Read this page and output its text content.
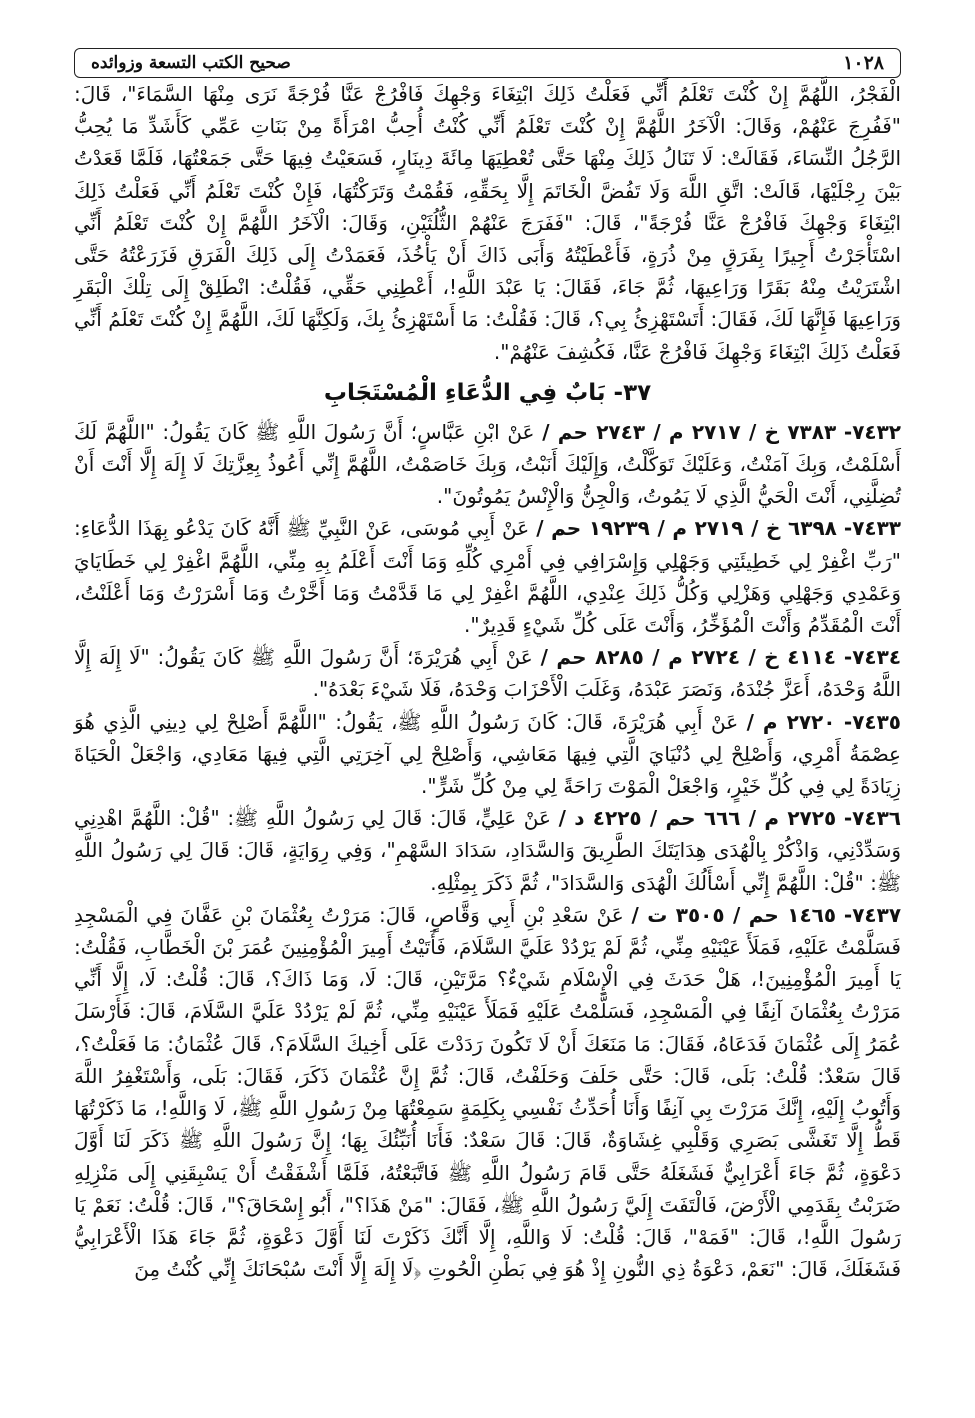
١٠٢٨
صحيح الكتب التسعة وزوائده

الْفَجْرُ، اللَّهُمَّ إِنْ كُنْتَ تَعْلَمُ أَنِّي فَعَلْتُ ذَلِكَ ابْتِغَاءَ وَجْهِكَ فَافْرُجْ عَنَّا فُرْجَةً نَرَى مِنْهَا السَّمَاءَ"، قَالَ: "فَفُرِجَ عَنْهُمْ، وَقَالَ: الْآخَرُ اللَّهُمَّ إِنْ كُنْتَ تَعْلَمُ أَنِّي كُنْتُ أُحِبُّ امْرَأَةً مِنْ بَنَاتِ عَمِّي كَأَشَدِّ مَا يُحِبُّ الرَّجُلُ النِّسَاءَ، فَقَالَتْ: لَا تَنَالُ ذَلِكَ مِنْهَا حَتَّى تُعْطِيَهَا مِائَةَ دِينَارٍ، فَسَعَيْتُ فِيهَا حَتَّى جَمَعْتُهَا، فَلَمَّا قَعَدْتُ بَيْنَ رِجْلَيْهَا، قَالَتْ: اتَّقِ اللَّهَ وَلَا تَفُضَّ الْخَاتَمَ إِلَّا بِحَقِّهِ، فَقُمْتُ وَتَرَكْتُهَا، فَإِنْ كُنْتَ تَعْلَمُ أَنِّي فَعَلْتُ ذَلِكَ ابْتِغَاءَ وَجْهِكَ فَافْرُجْ عَنَّا فُرْجَةً"، قَالَ: "فَفَرَجَ عَنْهُمْ الثُّلُثَيْنِ، وَقَالَ: الْآخَرُ اللَّهُمَّ إِنْ كُنْتَ تَعْلَمُ أَنِّي اسْتَأْجَرْتُ أَجِيرًا بِفَرَقٍ مِنْ ذُرَةٍ، فَأَعْطَيْتُهُ وَأَبَى ذَاكَ أَنْ يَأْخُذَ، فَعَمَدْتُ إِلَى ذَلِكَ الْفَرَقِ فَزَرَعْتُهُ حَتَّى اشْتَرَيْتُ مِنْهُ بَقَرًا وَرَاعِيهَا، ثُمَّ جَاءَ، فَقَالَ: يَا عَبْدَ اللَّهِ!، أَعْطِنِي حَقِّي، فَقُلْتُ: انْطَلِقْ إِلَى تِلْكَ الْبَقَرِ وَرَاعِيهَا فَإِنَّهَا لَكَ، فَقَالَ: أَتَسْتَهْزِئُ بِي؟، قَالَ: فَقُلْتُ: مَا أَسْتَهْزِئُ بِكَ، وَلَكِنَّهَا لَكَ، اللَّهُمَّ إِنْ كُنْتَ تَعْلَمُ أَنِّي فَعَلْتُ ذَلِكَ ابْتِغَاءَ وَجْهِكَ فَافْرُجْ عَنَّا، فَكُشِفَ عَنْهُمْ".

٣٧- بَابٌ فِي الدُّعَاءِ الْمُسْتَجَابِ

٧٤٣٢- ٧٣٨٣ خ / ٢٧١٧ م / ٢٧٤٣ حم / عَنْ ابْنِ عَبَّاسٍ؛ أَنَّ رَسُولَ اللَّهِ ﷺ كَانَ يَقُولُ: "اللَّهُمَّ لَكَ أَسْلَمْتُ، وَبِكَ آمَنْتُ، وَعَلَيْكَ تَوَكَّلْتُ، وَإِلَيْكَ أَنَبْتُ، وَبِكَ خَاصَمْتُ، اللَّهُمَّ إِنِّي أَعُوذُ بِعِزَّتِكَ لَا إِلَهَ إِلَّا أَنْتَ أَنْ تُضِلَّنِي، أَنْتَ الْحَيُّ الَّذِي لَا يَمُوتُ، وَالْجِنُّ وَالْإِنْسُ يَمُوتُونَ".

٧٤٣٣- ٦٣٩٨ خ / ٢٧١٩ م / ١٩٢٣٩ حم / عَنْ أَبِي مُوسَى، عَنْ النَّبِيِّ ﷺ أَنَّهُ كَانَ يَدْعُو بِهَذَا الدُّعَاءِ: "رَبِّ اغْفِرْ لِي خَطِيئَتِي وَجَهْلِي وَإِسْرَافِي فِي أَمْرِي كُلِّهِ وَمَا أَنْتَ أَعْلَمُ بِهِ مِنِّي، اللَّهُمَّ اغْفِرْ لِي خَطَايَايَ وَعَمْدِي وَجَهْلِي وَهَزْلِي وَكُلُّ ذَلِكَ عِنْدِي، اللَّهُمَّ اغْفِرْ لِي مَا قَدَّمْتُ وَمَا أَخَّرْتُ وَمَا أَسْرَرْتُ وَمَا أَعْلَنْتُ، أَنْتَ الْمُقَدِّمُ وَأَنْتَ الْمُؤَخِّرُ، وَأَنْتَ عَلَى كُلِّ شَيْءٍ قَدِيرٌ".

٧٤٣٤- ٤١١٤ خ / ٢٧٢٤ م / ٨٢٨٥ حم / عَنْ أَبِي هُرَيْرَةَ؛ أَنَّ رَسُولَ اللَّهِ ﷺ كَانَ يَقُولُ: "لَا إِلَهَ إِلَّا اللَّهُ وَحْدَهُ، أَعَزَّ جُنْدَهُ، وَنَصَرَ عَبْدَهُ، وَغَلَبَ الْأَحْزَابَ وَحْدَهُ، فَلَا شَيْءَ بَعْدَهُ".

٧٤٣٥- ٢٧٢٠ م / عَنْ أَبِي هُرَيْرَةَ، قَالَ: كَانَ رَسُولُ اللَّهِ ﷺ، يَقُولُ: "اللَّهُمَّ أَصْلِحْ لِي دِينِي الَّذِي هُوَ عِصْمَةُ أَمْرِي، وَأَصْلِحْ لِي دُنْيَايَ الَّتِي فِيهَا مَعَاشِي، وَأَصْلِحْ لِي آخِرَتِي الَّتِي فِيهَا مَعَادِي، وَاجْعَلْ الْحَيَاةَ زِيَادَةً لِي فِي كُلِّ خَيْرٍ، وَاجْعَلْ الْمَوْتَ رَاحَةً لِي مِنْ كُلِّ شَرٍّ".

٧٤٣٦- ٢٧٢٥ م / ٦٦٦ حم / ٤٢٢٥ د / عَنْ عَلِيٍّ، قَالَ: قَالَ لِي رَسُولُ اللَّهِ ﷺ: "قُلْ: اللَّهُمَّ اهْدِنِي وَسَدِّدْنِي، وَاذْكُرْ بِالْهُدَى هِدَايَتَكَ الطَّرِيقَ وَالسَّدَادِ، سَدَادَ السَّهْمِ"، وَفِي رِوَايَةٍ، قَالَ: قَالَ لِي رَسُولُ اللَّهِ ﷺ: "قُلْ: اللَّهُمَّ إِنِّي أَسْأَلُكَ الْهُدَى وَالسَّدَادَ"، ثُمَّ ذَكَرَ بِمِثْلِهِ.

٧٤٣٧- ١٤٦٥ حم / ٣٥٠٥ ت / عَنْ سَعْدِ بْنِ أَبِي وَقَّاصٍ، قَالَ: مَرَرْتُ بِعُثْمَانَ بْنِ عَفَّانَ فِي الْمَسْجِدِ فَسَلَّمْتُ عَلَيْهِ، فَمَلَأَ عَيْنَيْهِ مِنِّي، ثُمَّ لَمْ يَرْدُدْ عَلَيَّ السَّلَامَ، فَأَتَيْتُ أَمِيرَ الْمُؤْمِنِينَ عُمَرَ بْنَ الْخَطَّابِ، فَقُلْتُ: يَا أَمِيرَ الْمُؤْمِنِينَ!، هَلْ حَدَثَ فِي الْإِسْلَامِ شَيْءٌ؟ مَرَّتَيْنِ، قَالَ: لَا، وَمَا ذَاكَ؟، قَالَ: قُلْتُ: لَا، إِلَّا أَنِّي مَرَرْتُ بِعُثْمَانَ آنِفًا فِي الْمَسْجِدِ، فَسَلَّمْتُ عَلَيْهِ فَمَلَأَ عَيْنَيْهِ مِنِّي، ثُمَّ لَمْ يَرْدُدْ عَلَيَّ السَّلَامَ، قَالَ: فَأَرْسَلَ عُمَرُ إِلَى عُثْمَانَ فَدَعَاهُ، فَقَالَ: مَا مَنَعَكَ أَنْ لَا تَكُونَ رَدَدْتَ عَلَى أَخِيكَ السَّلَامَ؟، قَالَ عُثْمَانُ: مَا فَعَلْتُ؟، قَالَ سَعْدٌ: قُلْتُ: بَلَى، قَالَ: حَتَّى حَلَفَ وَحَلَفْتُ، قَالَ: ثُمَّ إِنَّ عُثْمَانَ ذَكَرَ، فَقَالَ: بَلَى، وَأَسْتَغْفِرُ اللَّهَ وَأَتُوبُ إِلَيْهِ، إِنَّكَ مَرَرْتَ بِي آنِفًا وَأَنَا أُحَدِّثُ نَفْسِي بِكَلِمَةٍ سَمِعْتُهَا مِنْ رَسُولِ اللَّهِ ﷺ، لَا وَاللَّهِ!، مَا ذَكَرْتُهَا قَطُّ إِلَّا تَغَشَّى بَصَرِي وَقَلْبِي غِشَاوَةٌ، قَالَ: قَالَ سَعْدٌ: فَأَنَا أُنَبِّئُكَ بِهَا؛ إِنَّ رَسُولَ اللَّهِ ﷺ ذَكَرَ لَنَا أَوَّلَ دَعْوَةٍ، ثُمَّ جَاءَ أَعْرَابِيٌّ فَشَغَلَهُ حَتَّى قَامَ رَسُولُ اللَّهِ ﷺ فَاتَّبَعْتُهُ، فَلَمَّا أَشْفَقْتُ أَنْ يَسْبِقَنِي إِلَى مَنْزِلِهِ ضَرَبْتُ بِقَدَمِي الْأَرْضَ، فَالْتَفَتَ إِلَيَّ رَسُولُ اللَّهِ ﷺ، فَقَالَ: "مَنْ هَذَا؟"، أَبُو إِسْحَاقَ؟"، قَالَ: قُلْتُ: نَعَمْ يَا رَسُولَ اللَّهِ!، قَالَ: "فَمَهْ"، قَالَ: قُلْتُ: لَا وَاللَّهِ، إِلَّا أَنَّكَ ذَكَرْتَ لَنَا أَوَّلَ دَعْوَةٍ، ثُمَّ جَاءَ هَذَا الْأَعْرَابِيُّ فَشَغَلَكَ، قَالَ: "نَعَمْ، دَعْوَةُ ذِي النُّونِ إِذْ هُوَ فِي بَطْنِ الْحُوتِ ﴿لَا إِلَهَ إِلَّا أَنْتَ سُبْحَانَكَ إِنِّي كُنْتُ مِنَ
